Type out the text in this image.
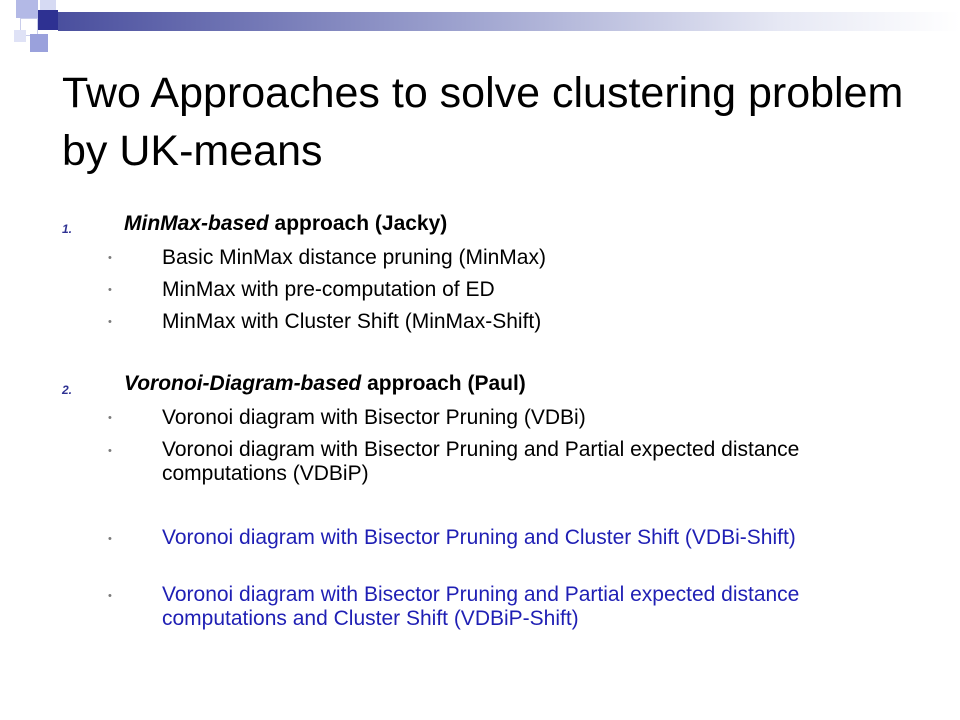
Two Approaches to solve clustering problem by UK-means
1. MinMax-based approach (Jacky)
• Basic MinMax distance pruning (MinMax)
• MinMax with pre-computation of ED
• MinMax with Cluster Shift (MinMax-Shift)
2. Voronoi-Diagram-based approach (Paul)
• Voronoi diagram with Bisector Pruning (VDBi)
• Voronoi diagram with Bisector Pruning and Partial expected distance computations (VDBiP)
• Voronoi diagram with Bisector Pruning and Cluster Shift (VDBi-Shift)
• Voronoi diagram with Bisector Pruning and Partial expected distance computations and Cluster Shift (VDBiP-Shift)
